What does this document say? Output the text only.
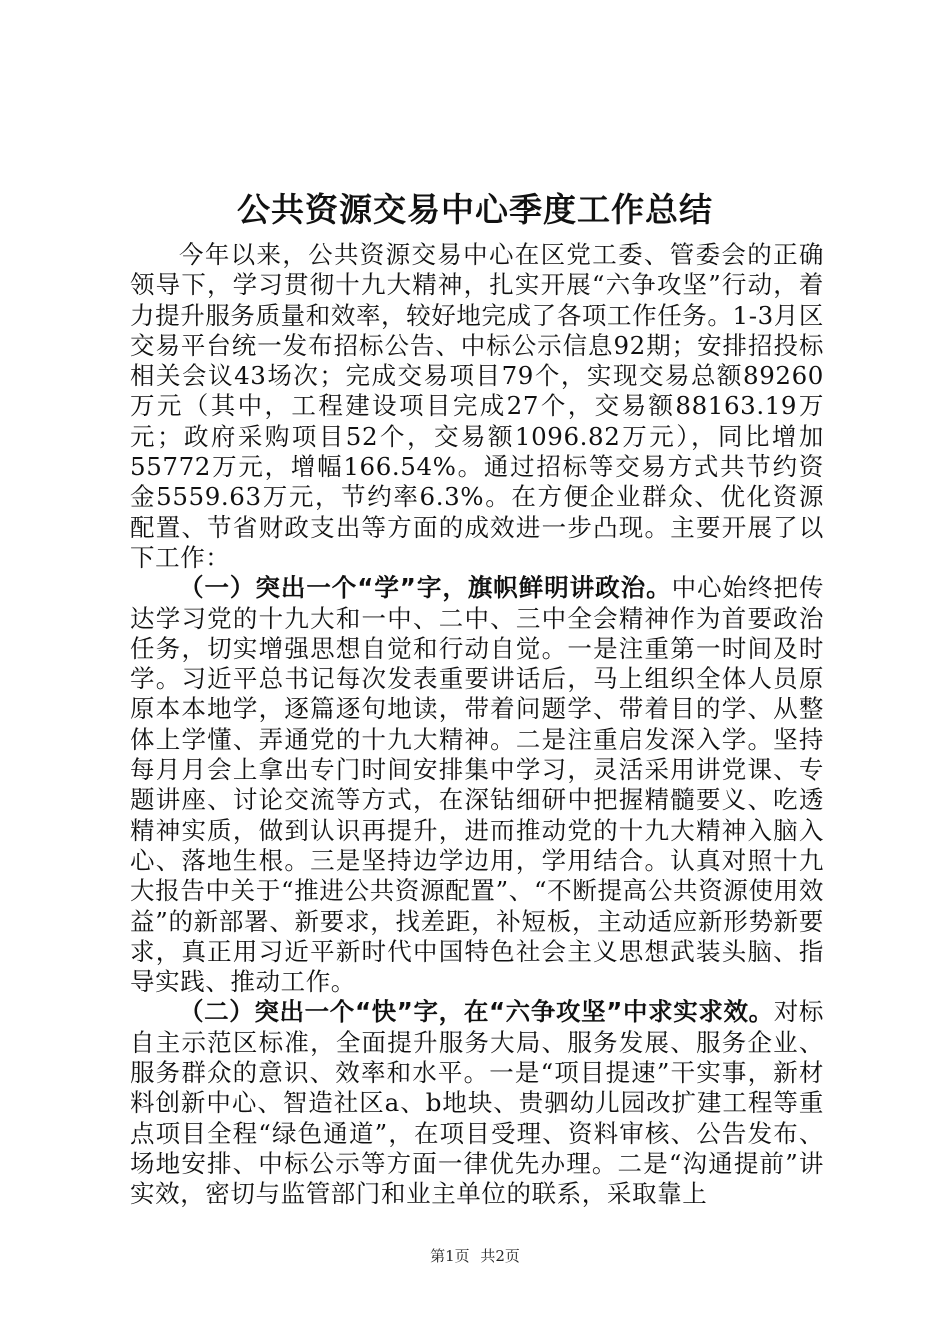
公共资源交易中心季度工作总结

今年以来，公共资源交易中心在区党工委、管委会的正确领导下，学习贯彻十九大精神，扎实开展“六争攻坚”行动，着力提升服务质量和效率，较好地完成了各项工作任务。1-3月区交易平台统一发布招标公告、中标公示信息92期；安排招投标相关会议43场次；完成交易项目79个，实现交易总额89260万元（其中，工程建设项目完成27个，交易额88163.19万元；政府采购项目52个，交易额1096.82万元），同比增加55772万元，增幅166.54%。通过招标等交易方式共节约资金5559.63万元，节约率6.3%。在方便企业群众、优化资源配置、节省财政支出等方面的成效进一步凸现。主要开展了以下工作：

（一）突出一个“学”字，旗帜鲜明讲政治。中心始终把传达学习党的十九大和一中、二中、三中全会精神作为首要政治任务，切实增强思想自觉和行动自觉。一是注重第一时间及时学。习近平总书记每次发表重要讲话后，马上组织全体人员原原本本地学，逐篇逐句地读，带着问题学、带着目的学、从整体上学懂、弄通党的十九大精神。二是注重启发深入学。坚持每月月会上拿出专门时间安排集中学习，灵活采用讲党课、专题讲座、讨论交流等方式，在深钻细研中把握精髓要义、吃透精神实质，做到认识再提升，进而推动党的十九大精神入脑入心、落地生根。三是坚持边学边用，学用结合。认真对照十九大报告中关于“推进公共资源配置”、“不断提高公共资源使用效益”的新部署、新要求，找差距，补短板，主动适应新形势新要求，真正用习近平新时代中国特色社会主义思想武装头脑、指导实践、推动工作。

（二）突出一个“快”字，在“六争攻坚”中求实求效。对标自主示范区标准，全面提升服务大局、服务发展、服务企业、服务群众的意识、效率和水平。一是“项目提速”干实事，新材料创新中心、智造社区a、b地块、贵驷幼儿园改扩建工程等重点项目全程“绿色通道”，在项目受理、资料审核、公告发布、场地安排、中标公示等方面一律优先办理。二是“沟通提前”讲实效，密切与监管部门和业主单位的联系，采取靠上

第1页 共2页
